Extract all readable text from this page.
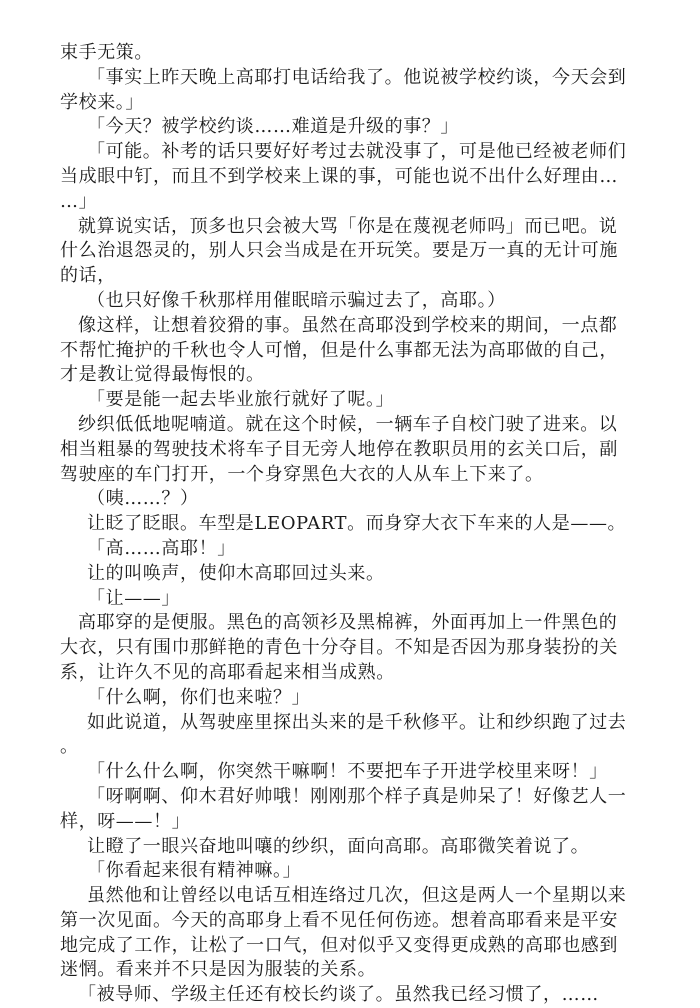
束手无策。

「事实上昨天晚上高耶打电话给我了。他说被学校约谈，今天会到学校来。」

「今天？被学校约谈……难道是升级的事？」

「可能。补考的话只要好好考过去就没事了，可是他已经被老师们当成眼中钉，而且不到学校来上课的事，可能也说不出什么好理由……」

就算说实话，顶多也只会被大骂「你是在蔑视老师吗」而已吧。说什么治退怨灵的，别人只会当成是在开玩笑。要是万一真的无计可施的话，

（也只好像千秋那样用催眠暗示骗过去了，高耶。）

像这样，让想着狡猾的事。虽然在高耶没到学校来的期间，一点都不帮忙掩护的千秋也令人可憎，但是什么事都无法为高耶做的自己，才是教让觉得最悔恨的。

「要是能一起去毕业旅行就好了呢。」

纱织低低地呢喃道。就在这个时候，一辆车子自校门驶了进来。以相当粗暴的驾驶技术将车子目无旁人地停在教职员用的玄关口后，副驾驶座的车门打开，一个身穿黑色大衣的人从车上下来了。

（咦……？）

让眨了眨眼。车型是LEOPART。而身穿大衣下车来的人是——。

「高……高耶！」

让的叫唤声，使仰木高耶回过头来。

「让——」

高耶穿的是便服。黑色的高领衫及黑棉裤，外面再加上一件黑色的大衣，只有围巾那鲜艳的青色十分夺目。不知是否因为那身装扮的关系，让许久不见的高耶看起来相当成熟。

「什么啊，你们也来啦？」

如此说道，从驾驶座里探出头来的是千秋修平。让和纱织跑了过去。

「什么什么啊，你突然干嘛啊！不要把车子开进学校里来呀！」

「呀啊啊、仰木君好帅哦！刚刚那个样子真是帅呆了！好像艺人一样，呀——！」

让瞪了一眼兴奋地叫嚷的纱织，面向高耶。高耶微笑着说了。

「你看起来很有精神嘛。」

虽然他和让曾经以电话互相连络过几次，但这是两人一个星期以来第一次见面。今天的高耶身上看不见任何伤迹。想着高耶看来是平安地完成了工作，让松了一口气，但对似乎又变得更成熟的高耶也感到迷惘。看来并不只是因为服装的关系。

「被导师、学级主任还有校长约谈了。虽然我已经习惯了，……
